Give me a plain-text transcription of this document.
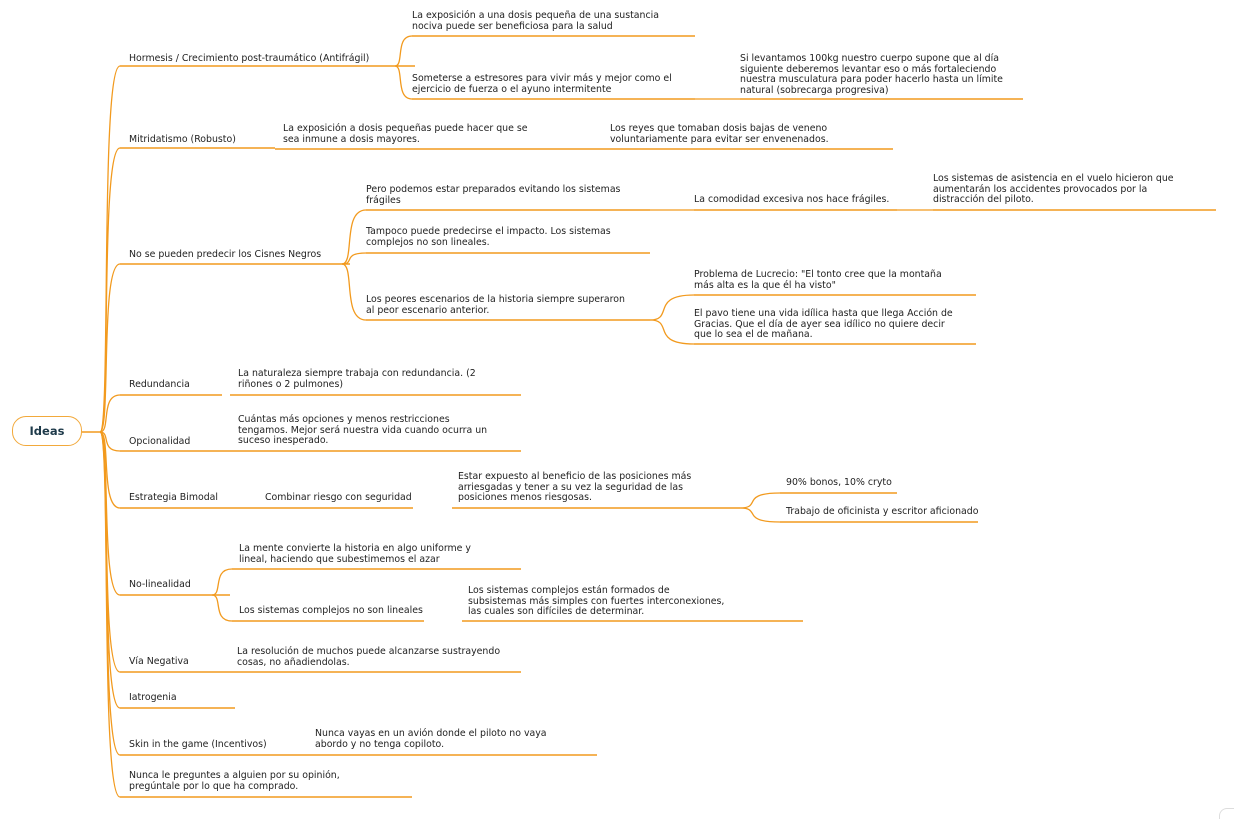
Ideas
Hormesis / Crecimiento post-traumático (Antifrágil)
Mitridatismo (Robusto)
No se pueden predecir los Cisnes Negros
Redundancia
Opcionalidad
Estrategia Bimodal
No-linealidad
Vía Negativa
Iatrogenia
Skin in the game (Incentivos)
Nunca le preguntes a alguien por su opinión,
pregúntale por lo que ha comprado.
La exposición a una dosis pequeña de una sustancia
nociva puede ser beneficiosa para la salud
Someterse a estresores para vivir más y mejor como el
ejercicio de fuerza o el ayuno intermitente
Si levantamos 100kg nuestro cuerpo supone que al día
siguiente deberemos levantar eso o más fortaleciendo
nuestra musculatura para poder hacerlo hasta un límite
natural (sobrecarga progresiva)
La exposición a dosis pequeñas puede hacer que se
sea inmune a dosis mayores.
Los reyes que tomaban dosis bajas de veneno
voluntariamente para evitar ser envenenados.
Pero podemos estar preparados evitando los sistemas
frágiles	La comodidad excesiva nos hace frágiles.
Los sistemas de asistencia en el vuelo hicieron que
aumentarán los accidentes provocados por la
distracción del piloto.
Tampoco puede predecirse el impacto. Los sistemas
complejos no son lineales.
Los peores escenarios de la historia siempre superaron
al peor escenario anterior.
Problema de Lucrecio: "El tonto cree que la montaña
más alta es la que él ha visto"
El pavo tiene una vida idílica hasta que llega Acción de
Gracias. Que el día de ayer sea idílico no quiere decir
que lo sea el de mañana.
La naturaleza siempre trabaja con redundancia. (2
riñones o 2 pulmones)
Cuántas más opciones y menos restricciones
tengamos. Mejor será nuestra vida cuando ocurra un
suceso inesperado.
Combinar riesgo con seguridad
Estar expuesto al beneficio de las posiciones más
arriesgadas y tener a su vez la seguridad de las
posiciones menos riesgosas.
90% bonos, 10% cryto
Trabajo de oficinista y escritor aficionado
La mente convierte la historia en algo uniforme y
lineal, haciendo que subestimemos el azar
Los sistemas complejos no son lineales
Los sistemas complejos están formados de
subsistemas más simples con fuertes interconexiones,
las cuales son difíciles de determinar.
La resolución de muchos puede alcanzarse sustrayendo
cosas, no añadiendolas.
Nunca vayas en un avión donde el piloto no vaya
abordo y no tenga copiloto.
